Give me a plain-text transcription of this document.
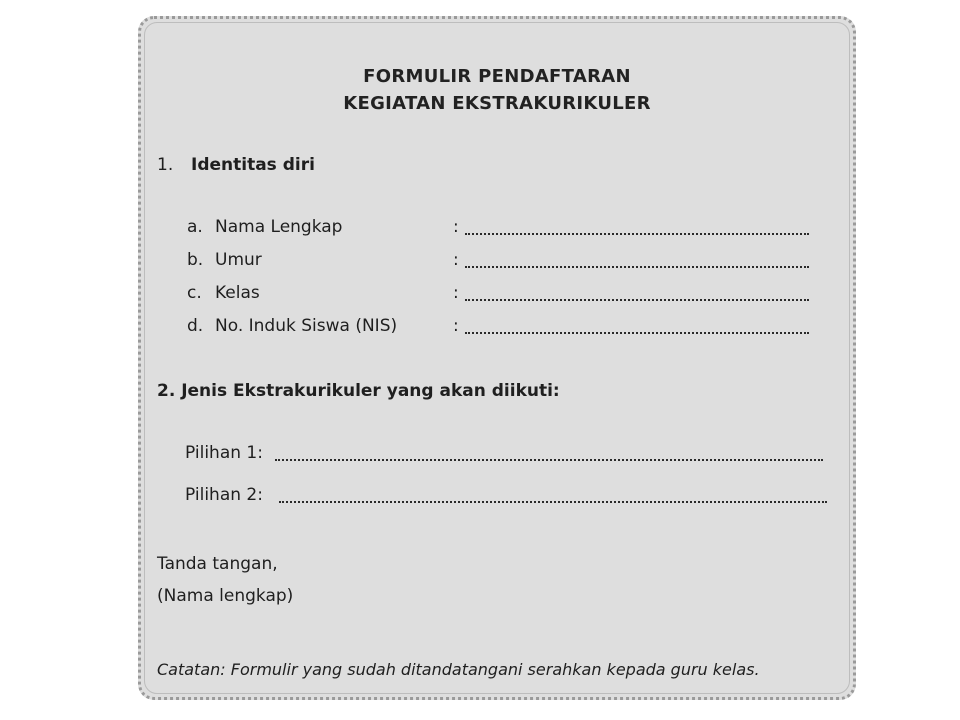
FORMULIR PENDAFTARAN
KEGIATAN EKSTRAKURIKULER
1. Identitas diri
a. Nama Lengkap	:
b. Umur	:
c. Kelas	:
d. No. Induk Siswa (NIS)	:
2. Jenis Ekstrakurikuler yang akan diikuti:
Pilihan 1:
Pilihan 2:
Tanda tangan,
(Nama lengkap)
Catatan: Formulir yang sudah ditandatangani serahkan kepada guru kelas.
